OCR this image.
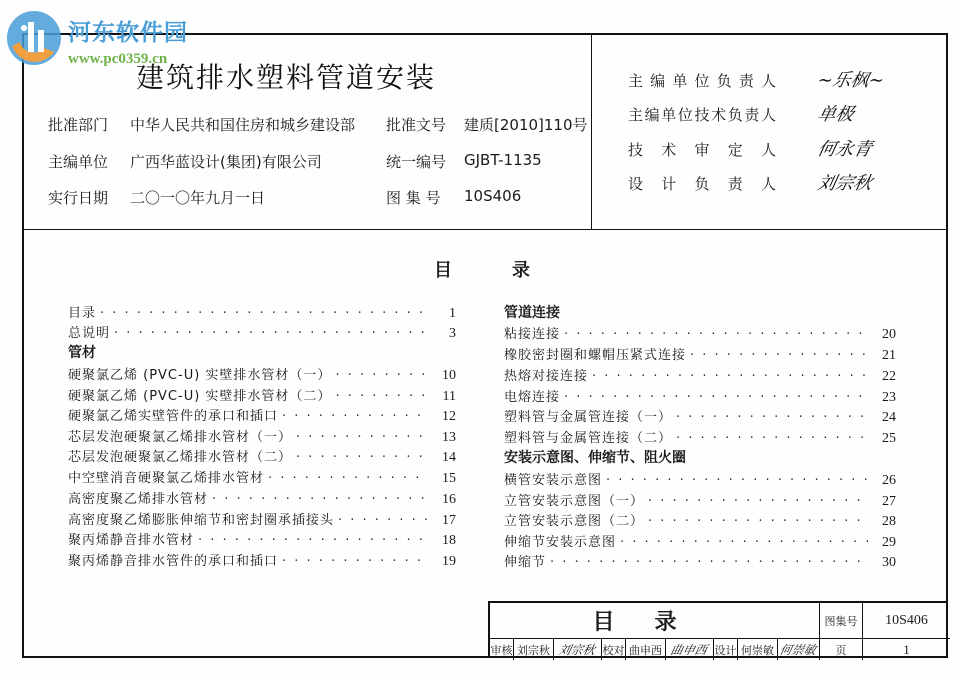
河东软件园
www.pc0359.cn
建筑排水塑料管道安装
批准部门 中华人民共和国住房和城乡建设部 批准文号 建质[2010]110号
主编单位 广西华蓝设计(集团)有限公司	统一编号 GJBT-1135
实行日期 二〇一〇年九月一日	图 集 号 10S406
主编单位负责人 ~乐枫~
主编单位技术负责人 单极
技术审定人 何永青
设计负责人 刘宗秋
目	录
目录 · · ·	1
总说明 · · ·	3
管材
硬聚氯乙烯 (PVC-U) 实壁排水管材（一） · · ·	10
硬聚氯乙烯 (PVC-U) 实壁排水管材（二） · · ·	11
硬聚氯乙烯实壁管件的承口和插口 · · ·	12
芯层发泡硬聚氯乙烯排水管材（一） · · ·	13
芯层发泡硬聚氯乙烯排水管材（二） · · ·	14
中空壁消音硬聚氯乙烯排水管材 · · ·	15
高密度聚乙烯排水管材 · · ·	16
高密度聚乙烯膨胀伸缩节和密封圈承插接头 · · ·	17
聚丙烯静音排水管材 · · ·	18
聚丙烯静音排水管件的承口和插口 · · ·	19
管道连接
粘接连接 · · ·	20
橡胶密封圈和螺帽压紧式连接 · · ·	21
热熔对接连接 · · ·	22
电熔连接 · · ·	23
塑料管与金属管连接（一） · · ·	24
塑料管与金属管连接（二） · · ·	25
安装示意图、伸缩节、阻火圈
横管安装示意图 · · ·	26
立管安装示意图（一） · · ·	27
立管安装示意图（二） · · ·	28
伸缩节安装示意图 · · ·	29
伸缩节 · · ·	30
目录	图集号 10S406
审核 刘宗秋 刘宗秋 校对 曲申西 曲申西 设计 何崇敏 何崇敏 页	1
